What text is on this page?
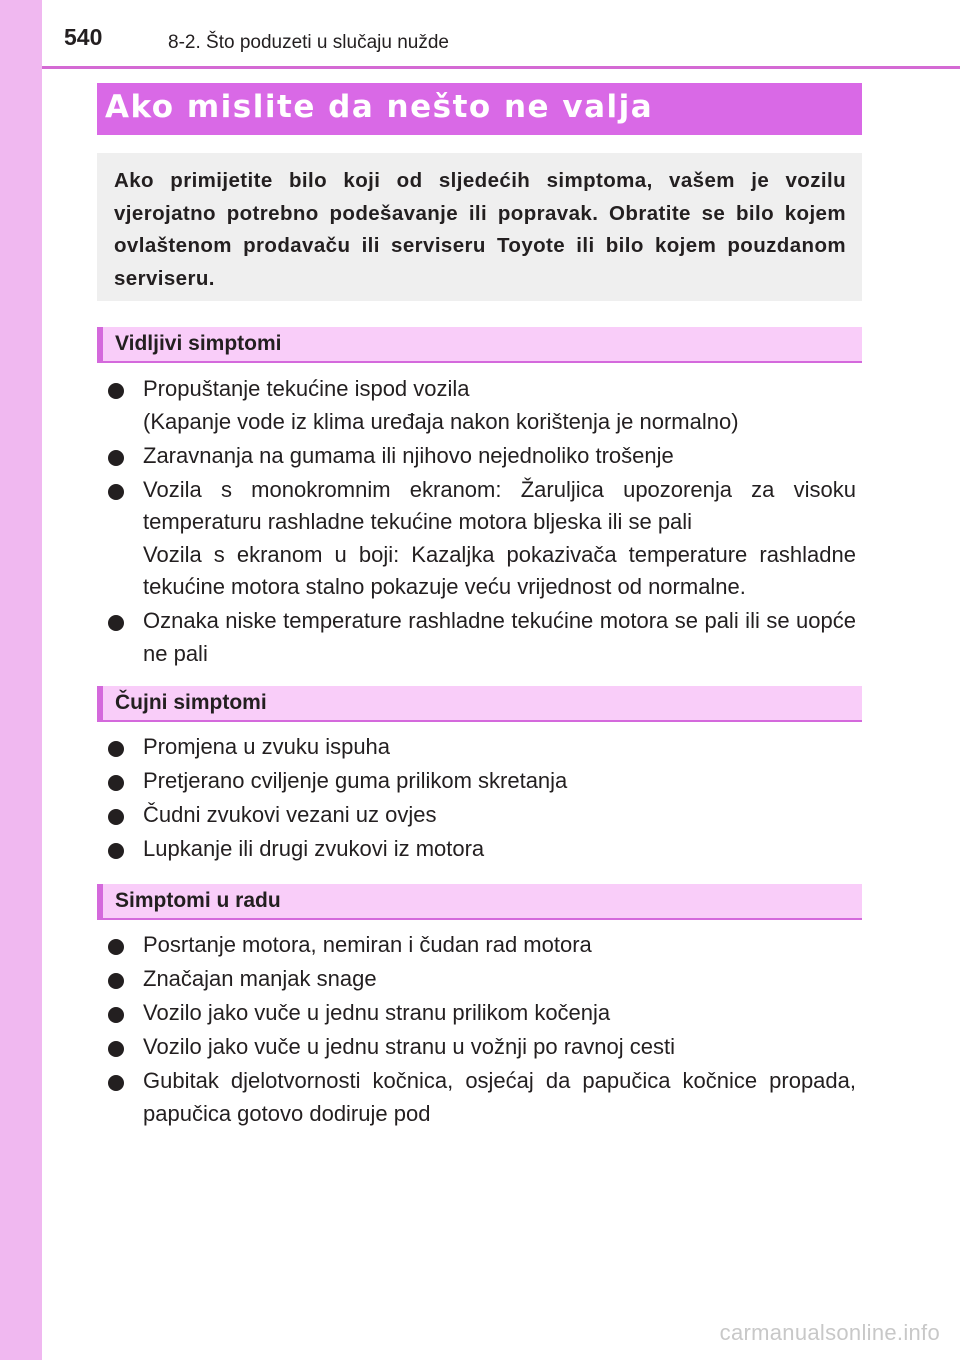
540	8-2. Što poduzeti u slučaju nužde
Ako mislite da nešto ne valja
Ako primijetite bilo koji od sljedećih simptoma, vašem je vozilu vjerojatno potrebno podešavanje ili popravak. Obratite se bilo kojem ovlaštenom prodavaču ili serviseru Toyote ili bilo kojem pouzdanom serviseru.
Vidljivi simptomi
Propuštanje tekućine ispod vozila
(Kapanje vode iz klima uređaja nakon korištenja je normalno)
Zaravnanja na gumama ili njihovo nejednoliko trošenje
Vozila s monokromnim ekranom: Žaruljica upozorenja za visoku temperaturu rashladne tekućine motora bljeska ili se pali
Vozila s ekranom u boji: Kazaljka pokazivača temperature rashladne tekućine motora stalno pokazuje veću vrijednost od normalne.
Oznaka niske temperature rashladne tekućine motora se pali ili se uopće ne pali
Čujni simptomi
Promjena u zvuku ispuha
Pretjerano cviljenje guma prilikom skretanja
Čudni zvukovi vezani uz ovjes
Lupkanje ili drugi zvukovi iz motora
Simptomi u radu
Posrtanje motora, nemiran i čudan rad motora
Značajan manjak snage
Vozilo jako vuče u jednu stranu prilikom kočenja
Vozilo jako vuče u jednu stranu u vožnji po ravnoj cesti
Gubitak djelotvornosti kočnica, osjećaj da papučica kočnice propada, papučica gotovo dodiruje pod
carmanualsonline.info
